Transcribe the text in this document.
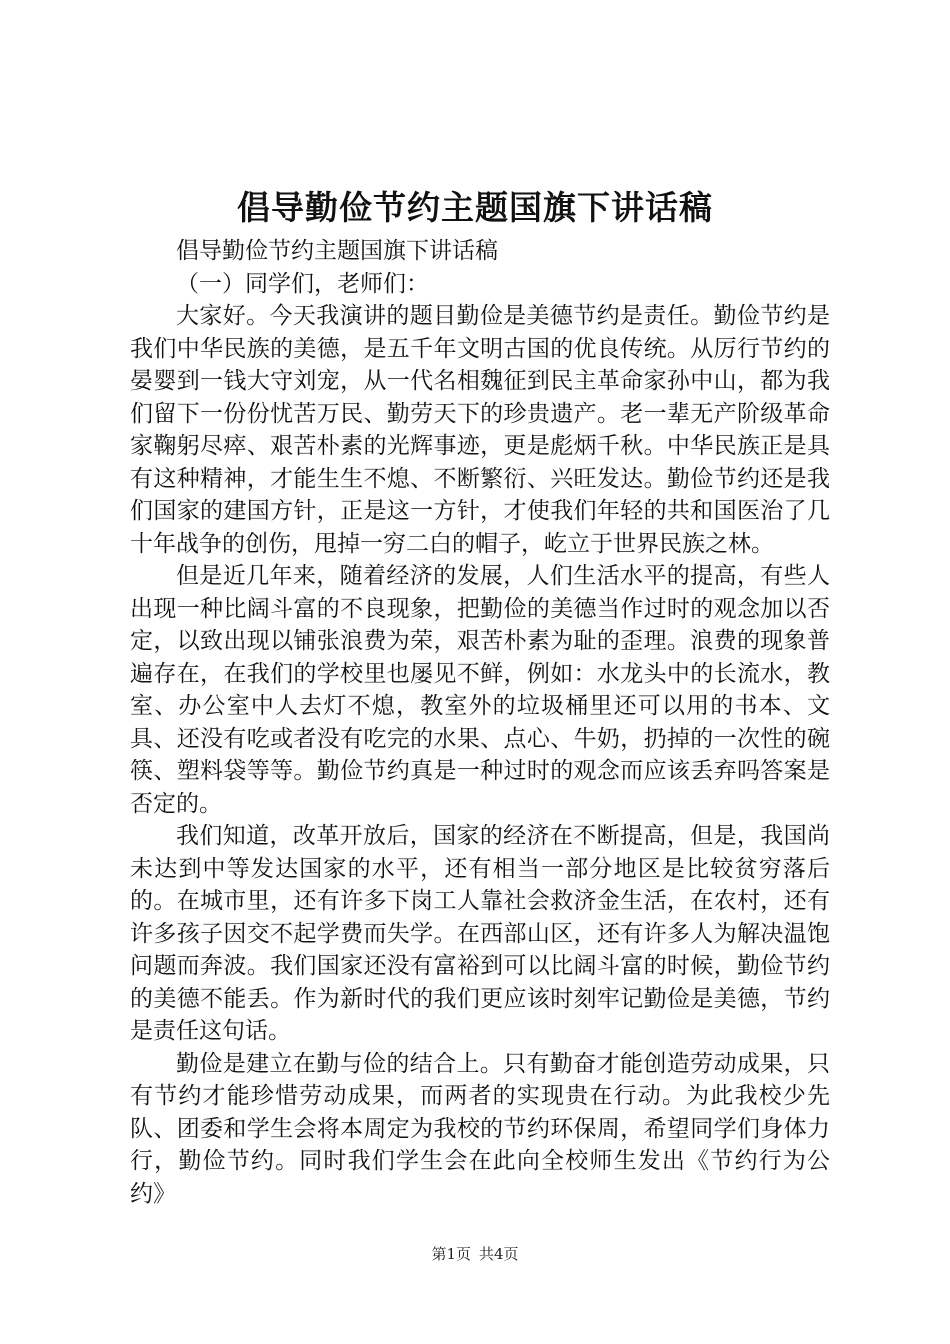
倡导勤俭节约主题国旗下讲话稿

倡导勤俭节约主题国旗下讲话稿

（一）同学们，老师们：

大家好。今天我演讲的题目勤俭是美德节约是责任。勤俭节约是我们中华民族的美德，是五千年文明古国的优良传统。从厉行节约的晏婴到一钱大守刘宠，从一代名相魏征到民主革命家孙中山，都为我们留下一份份忧苦万民、勤劳天下的珍贵遗产。老一辈无产阶级革命家鞠躬尽瘁、艰苦朴素的光辉事迹，更是彪炳千秋。中华民族正是具有这种精神，才能生生不熄、不断繁衍、兴旺发达。勤俭节约还是我们国家的建国方针，正是这一方针，才使我们年轻的共和国医治了几十年战争的创伤，甩掉一穷二白的帽子，屹立于世界民族之林。

但是近几年来，随着经济的发展，人们生活水平的提高，有些人出现一种比阔斗富的不良现象，把勤俭的美德当作过时的观念加以否定，以致出现以铺张浪费为荣，艰苦朴素为耻的歪理。浪费的现象普遍存在，在我们的学校里也屡见不鲜，例如：水龙头中的长流水，教室、办公室中人去灯不熄，教室外的垃圾桶里还可以用的书本、文具、还没有吃或者没有吃完的水果、点心、牛奶，扔掉的一次性的碗筷、塑料袋等等。勤俭节约真是一种过时的观念而应该丢弃吗答案是否定的。

我们知道，改革开放后，国家的经济在不断提高，但是，我国尚未达到中等发达国家的水平，还有相当一部分地区是比较贫穷落后的。在城市里，还有许多下岗工人靠社会救济金生活，在农村，还有许多孩子因交不起学费而失学。在西部山区，还有许多人为解决温饱问题而奔波。我们国家还没有富裕到可以比阔斗富的时候，勤俭节约的美德不能丢。作为新时代的我们更应该时刻牢记勤俭是美德，节约是责任这句话。

勤俭是建立在勤与俭的结合上。只有勤奋才能创造劳动成果，只有节约才能珍惜劳动成果，而两者的实现贵在行动。为此我校少先队、团委和学生会将本周定为我校的节约环保周，希望同学们身体力行，勤俭节约。同时我们学生会在此向全校师生发出《节约行为公约》

第1页 共4页
